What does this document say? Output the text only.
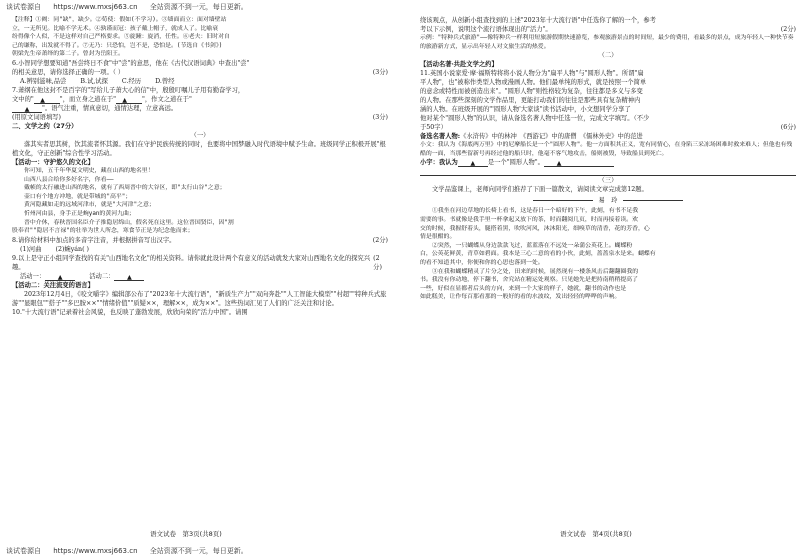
谈试卷源自 https://www.mxsj663.cn 全站资源不到一元，每日更新。

【注释】①阙：同"缺"，缺少。②荀使：假如(不学习)。③墙面而立：面对墙壁站

立，一无所见。比喻不学无术。④孰谨而冠：孩子戴上帽子，就成人了。比喻衰

纷得像个人似，不是这样对自己严格要求。⑤旋踵：旋消，任性。⑥老夫：旧时对自

己的谦称，出发就不得了。⑦无乃：只恐怕，岂不是，恐怕是。(节选自《书剑》)

朝梁先生帝萧绎的第二子。曾封为岳阳王。

6.小智同学想要知道"吾尝终日不食"中"尝"的意思，他在《古代汉语词典》中查出"尝"

的相关意思，请你选择正确的一项。（ ）	(3分)
A.辨别滋味,品尝 B.试,试探 C.经历 D.曾经

7.萧纲在他这封不是百字的"写给儿子萧大心的信"中，殷殷叮嘱儿子用有勤奋学习，

文中的"　▲　"，而立身之道在于"　▲　"，作文之道在于"

　　▲　　"。语气注重，情真意切，通情达理，立意高远。

(用原文词语填写)	(3分)

二、文学之约（27分）

（一）

落其实者思其树，饮其流者怀其源。我们在守护民族传统的同时，也要将中国梦融入时代语境中赋予生命。班级同学正积极开展"根植文化，守正创新"综合性学习活动。

【活动一：守护悠久的文化】

你可知，五千年华夏文明史，藏在山西的地名里！

山西八县合给你多好名字，你看——

戴帧的太行融进山西的地名，就有了西周晋中的大谷区，即"太行山谷"之意；

壶口有个地方冲地，就是带城的"高平"；

黄河隐藏如走的远域河津市，就是"大河津"之意；

忻州河由县，身手正是蜿yan的黄河九曲；

晋中介休，春秋晋国名臣介子推隐居绵山，假名死在这里。这位晋国贤臣，因"割

股奉君""隐居不言禄"的壮举为世人所念，寒食节正是为纪念他而来；

8.请你给材料中加点的多音字注音，并根据拼音写出汉字。	(2分)
(1)河曲 (2)蜿yán( )
9.以上是守正小组同学查找的有关"山西地名文化"的相关资料。请你就此设计两个有意义的活动就发大家对山西地名文化的探究兴趣。
(2分)
活动一：　　▲　　 活动二：　　▲　　

【活动二：关注流变的语言】

2023年12月4日，《咬文嚼字》编辑部公布了"2023年十大流行语"，"新质生产力""双向奔赴""人工智能大模型""村超""特种兵式旅游""显眼包""搭子""多巴胺××""情绪价值""质疑××，理解××，成为××"。这些热词汇见了人们的广泛关注和讨论。

10."十大流行语"记录着社会风貌，也反映了蓬勃发展，欣欣向荣的"活力中国"。请围

语文试卷　第3页(共8页)

绕该观点，从创新小组查找到的上述"2023年十大流行语"中任选你了解的一个，参考

考以下示例，说明这个流行语体现出的"活力"。	(2分)

示例："特种兵式旅游"——像特种兵一样利用短旅游假期快速游览，参观旅游景点的时间短，最少的费用，看最多的景点，成为年轻人一种快节奏的旅游新方式，显示出年轻人对文旅生活的热爱。

（二）

【活动名著·共赴文学之约】

11.英国小说家爱·摩·福斯特将将小说人物分为"扁平人物"与"圆形人物"。所谓"扁

平人物"，也"被称作类型人物或漫画人物。他们最单纯的形式，就是按照一个简单

的意念或特性而被创造出来"。"圆形人物"则性格较为复杂，往往都是多义与多变

的人物。在那些深刻的文学作品里，更能打动我们的往往是那些具有复杂精神内

涵的人物。在班级开展的"'圆形人物'大家谈"读书活动中，小文想同学分享了

他对某个"圆形人物"的认识，请从备选名著人物中任选一位，完成文字填写。（不少

于50字）	(6分)

备选名著人物:《水浒传》中的林冲　《西游记》中的唐僧　《儒林外史》中的范进

小文：我认为《海底两万里》中的尼摩船长是一个"圆形人物"。他一方面积其正义，宽有同情心，在身陷三采冻场困难时救来难人；但他也有残酷的一面，当那些留新号再经过他的船只时，他毫不客气地攻击，船则被毁，导致船员到死亡。

小宇：我认为　　▲　　是一个"圆形人物"。　　▲　　

（三）

文学品鉴课上，老师向同学们推荐了下面一篇散文，请阅读文章完成第12题。

易　玲

①我坐在河边草地的长椅上看书，这是春日一个暗好的下午，此刻，有书不足我

需要的事。书就像是我手里一杯拿起又放下的茶，时而翻阅几页，时而再接着读。欢

交的时候，我握舒着头，腿搭着黑，吹吹河风，沐沐阳光，细嗅草的清香，花的芳香，心

情是很酣的。

②突然，一只蝴蝶从身边款款飞过，蓝蓝落在不远处一朵蒲公英花上。蝴蝶粉

白，公英花鲜黄，青草如碧面。我本是三心二意的看的小伙，此刻，蔷蔷泉水是来。蝴蝶有

的看不知道其中，你便和你的心思也落到一处。

③在我和蝴蝶精灵了片分之处，田来的时候，展然现有一楼条风击后翻翻圈我的

书。我没有你动地，停下翻书，舍究站在精运处观察。只见她先是把持南稍稍提高了

一些，好似在显都者后头的方向，来到一个大家的样子，她就，翻书的动作也是

如此糕美，让作每百那看那的一般好的看的水波纹，发出轻轻的哗哗的声响。

语文试卷　第4页(共8页)
谈试卷源自 https://www.mxsj663.cn 全站资源不到一元，每日更新。
